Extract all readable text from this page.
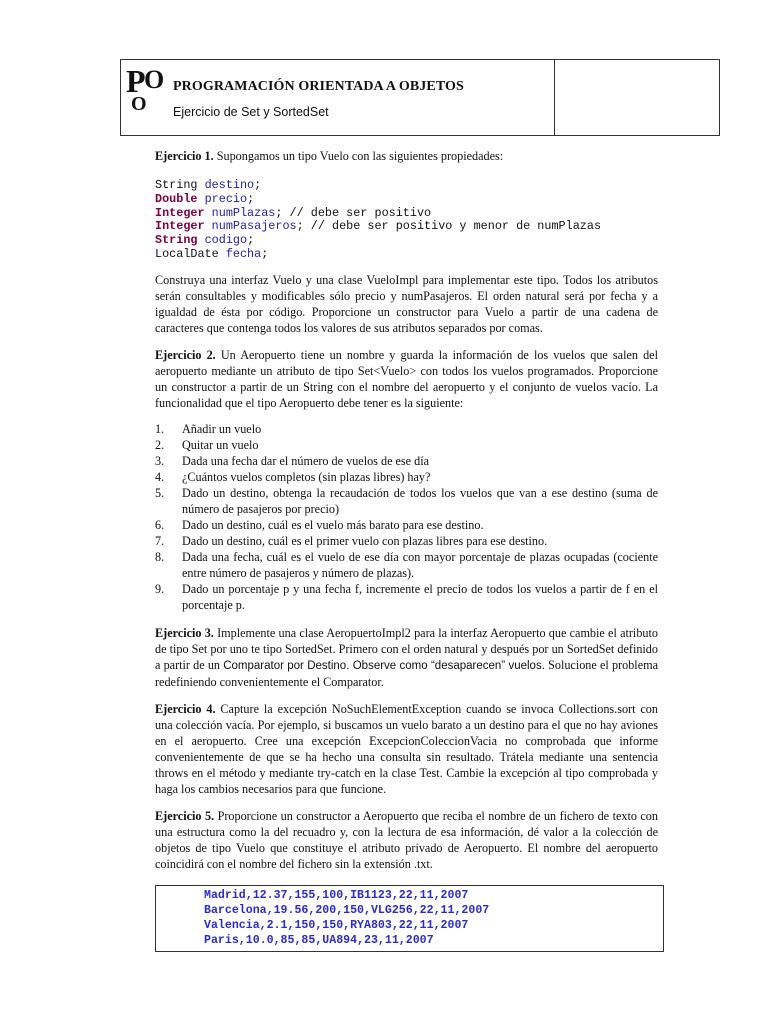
P
O
O
PROGRAMACIÓN ORIENTADA A OBJETOS
Ejercicio de Set y SortedSet

Ejercicio 1. Supongamos un tipo Vuelo con las siguientes propiedades:

String destino;
Double precio;
Integer numPlazas; // debe ser positivo
Integer numPasajeros; // debe ser positivo y menor de numPlazas
String codigo;
LocalDate fecha;

Construya una interfaz Vuelo y una clase VueloImpl para implementar este tipo. Todos los atributos serán consultables y modificables sólo precio y numPasajeros. El orden natural será por fecha y a igualdad de ésta por código. Proporcione un constructor para Vuelo a partir de una cadena de caracteres que contenga todos los valores de sus atributos separados por comas.

Ejercicio 2. Un Aeropuerto tiene un nombre y guarda la información de los vuelos que salen del aeropuerto mediante un atributo de tipo Set<Vuelo> con todos los vuelos programados. Proporcione un constructor a partir de un String con el nombre del aeropuerto y el conjunto de vuelos vacío. La funcionalidad que el tipo Aeropuerto debe tener es la siguiente:

1. Añadir un vuelo
2. Quitar un vuelo
3. Dada una fecha dar el número de vuelos de ese día
4. ¿Cuántos vuelos completos (sin plazas libres) hay?
5. Dado un destino, obtenga la recaudación de todos los vuelos que van a ese destino (suma de número de pasajeros por precio)
6. Dado un destino, cuál es el vuelo más barato para ese destino.
7. Dado un destino, cuál es el primer vuelo con plazas libres para ese destino.
8. Dada una fecha, cuál es el vuelo de ese día con mayor porcentaje de plazas ocupadas (cociente entre número de pasajeros y número de plazas).
9. Dado un porcentaje p y una fecha f, incremente el precio de todos los vuelos a partir de f en el porcentaje p.

Ejercicio 3. Implemente una clase AeropuertoImpl2 para la interfaz Aeropuerto que cambie el atributo de tipo Set por uno te tipo SortedSet. Primero con el orden natural y después por un SortedSet definido a partir de un Comparator por Destino. Observe como “desaparecen” vuelos. Solucione el problema redefiniendo convenientemente el Comparator.

Ejercicio 4. Capture la excepción NoSuchElementException cuando se invoca Collections.sort con una colección vacía. Por ejemplo, si buscamos un vuelo barato a un destino para el que no hay aviones en el aeropuerto. Cree una excepción ExcepcionColeccionVacia no comprobada que informe convenientemente de que se ha hecho una consulta sin resultado. Trátela mediante una sentencia throws en el método y mediante try-catch en la clase Test. Cambie la excepción al tipo comprobada y haga los cambios necesarios para que funcione.

Ejercicio 5. Proporcione un constructor a Aeropuerto que reciba el nombre de un fichero de texto con una estructura como la del recuadro y, con la lectura de esa información, dé valor a la colección de objetos de tipo Vuelo que constituye el atributo privado de Aeropuerto. El nombre del aeropuerto coincidirá con el nombre del fichero sin la extensión .txt.

Madrid,12.37,155,100,IB1123,22,11,2007
Barcelona,19.56,200,150,VLG256,22,11,2007
Valencia,2.1,150,150,RYA803,22,11,2007
Paris,10.0,85,85,UA894,23,11,2007
